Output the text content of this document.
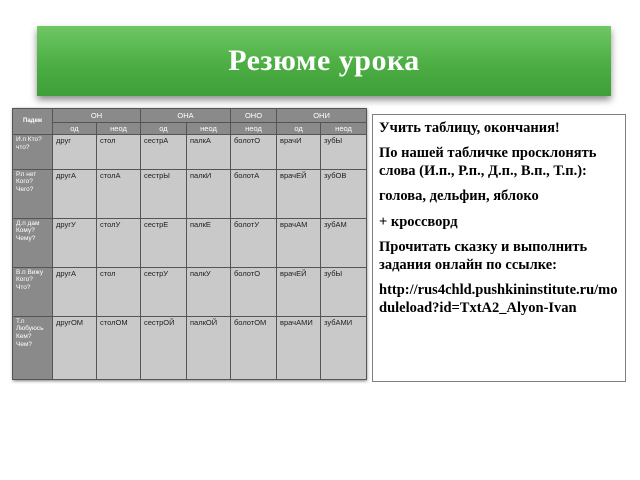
Резюме урока
Падеж	ОН		ОНА		ОНО	ОНИ	
	од	неод	од	неод	неод	од	неод
И.п Кто? что?	друг	стол	сестрА	палкА	болотО	врачИ	зубЫ
Р.п нет Кого? Чего?	другА	столА	сестрЫ	палкИ	болотА	врачЕЙ	зубОВ
Д.п дам Кому? Чему?	другУ	столУ	сестрЕ	палкЕ	болотУ	врачАМ	зубАМ
В.п Вижу Кого? Что?	другА	стол	сестрУ	палкУ	болотО	врачЕЙ	зубЫ
Т.п Любуюсь Кем? Чем?	другОМ	столОМ	сестрОЙ	палкОЙ	болотОМ	врачАМИ	зубАМИ

Учить таблицу, окончания!

По нашей табличке просклонять слова (И.п., Р.п., Д.п., В.п., Т.п.):

голова, дельфин, яблоко

+ кроссворд

Прочитать сказку и выполнить задания онлайн по ссылке:

http://rus4chld.pushkininstitute.ru/moduleload?id=TxtA2_Alyon-Ivan
